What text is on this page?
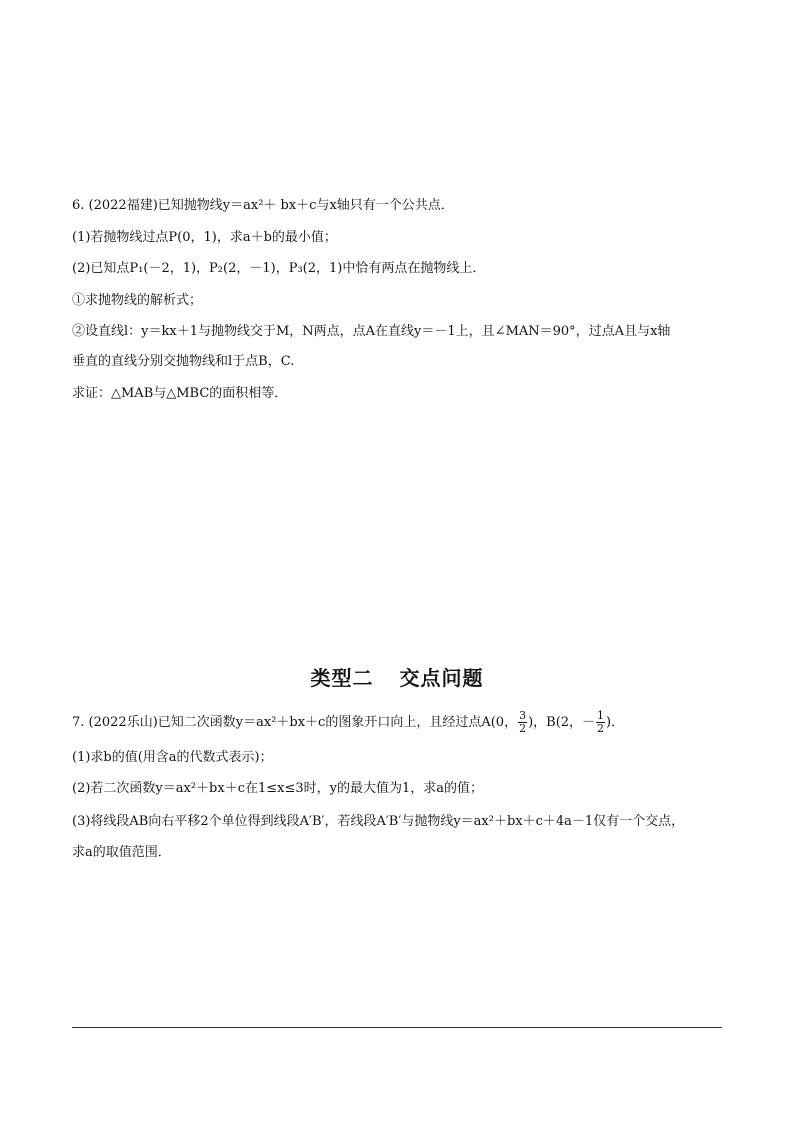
6. (2022福建)已知抛物线y＝ax²＋ bx＋c与x轴只有一个公共点．
(1)若抛物线过点P(0，1)，求a＋b的最小值；
(2)已知点P₁(－2，1)，P₂(2，－1)，P₃(2，1)中恰有两点在抛物线上．
①求抛物线的解析式；
②设直线l：y＝kx＋1与抛物线交于M，N两点，点A在直线y＝－1上，且∠MAN＝90°，过点A且与x轴
垂直的直线分别交抛物线和l于点B，C.
求证：△MAB与△MBC的面积相等．
类型二 交点问题
7. (2022乐山)已知二次函数y＝ax²＋bx＋c的图象开口向上，且经过点A(0， $\frac{3}{2}$ )，B(2，－ $\frac{1}{2}$ )．
(1)求b的值(用含a的代数式表示)；
(2)若二次函数y＝ax²＋bx＋c在1≤x≤3时，y的最大值为1，求a的值；
(3)将线段AB向右平移2个单位得到线段A′B′，若线段A′B′与抛物线y＝ax²＋bx＋c＋4a－1仅有一个交点，
求a的取值范围．
